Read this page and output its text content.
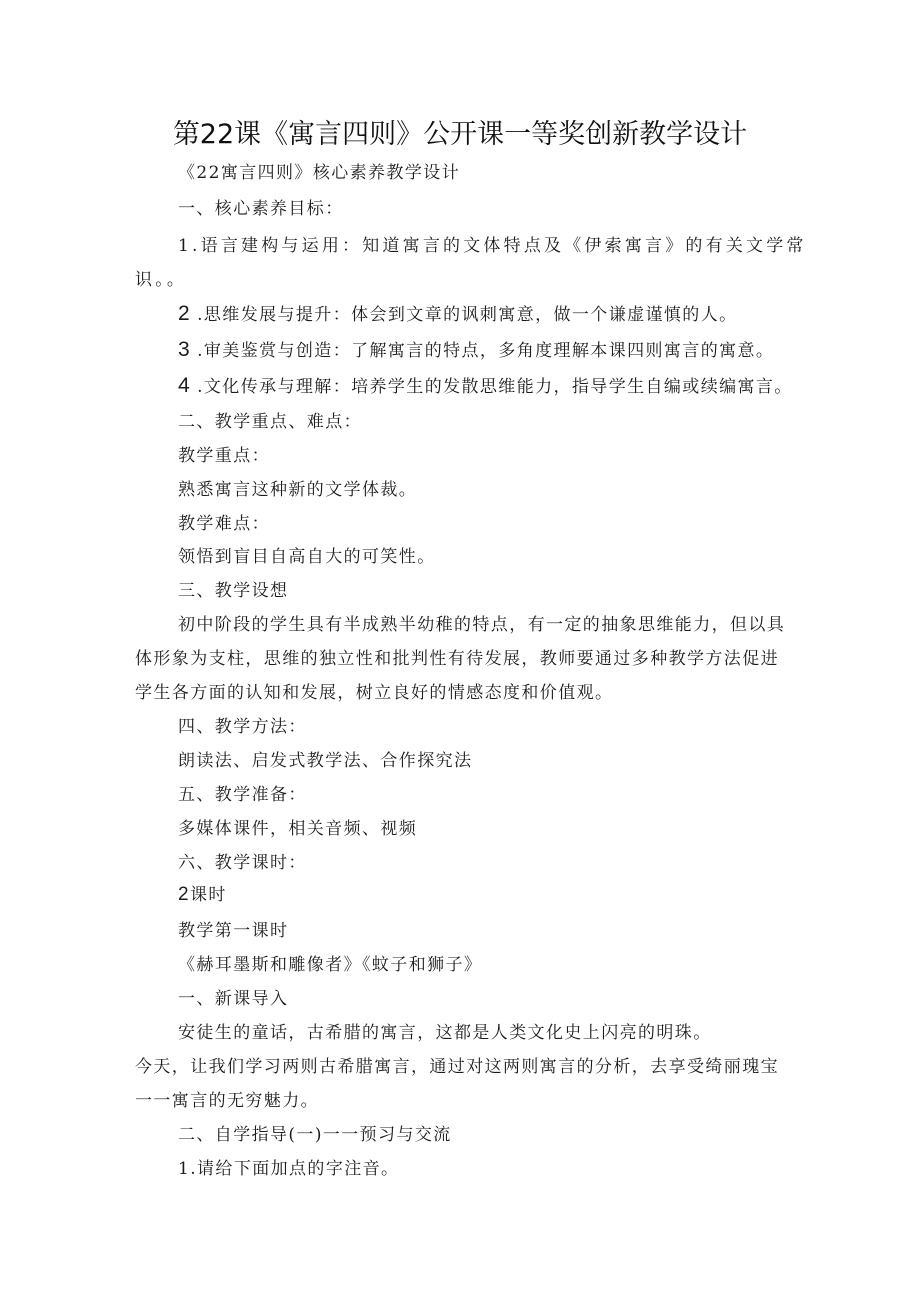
第22课《寓言四则》公开课一等奖创新教学设计
《22寓言四则》核心素养教学设计
一、核心素养目标：
1.语言建构与运用：知道寓言的文体特点及《伊索寓言》的有关文学常
识。。
2 .思维发展与提升：体会到文章的讽刺寓意，做一个谦虚谨慎的人。
3 .审美鉴赏与创造：了解寓言的特点，多角度理解本课四则寓言的寓意。
4 .文化传承与理解：培养学生的发散思维能力，指导学生自编或续编寓言。
二、教学重点、难点：
教学重点：
熟悉寓言这种新的文学体裁。
教学难点：
领悟到盲目自高自大的可笑性。
三、教学设想
初中阶段的学生具有半成熟半幼稚的特点，有一定的抽象思维能力，但以具
体形象为支柱，思维的独立性和批判性有待发展，教师要通过多种教学方法促进
学生各方面的认知和发展，树立良好的情感态度和价值观。
四、教学方法：
朗读法、启发式教学法、合作探究法
五、教学准备：
多媒体课件，相关音频、视频
六、教学课时：
2课时
教学第一课时
《赫耳墨斯和雕像者》《蚊子和狮子》
一、新课导入
安徒生的童话，古希腊的寓言，这都是人类文化史上闪亮的明珠。
今天，让我们学习两则古希腊寓言，通过对这两则寓言的分析，去享受绮丽瑰宝
一一寓言的无穷魅力。
二、自学指导(一)一一预习与交流
1.请给下面加点的字注音。
